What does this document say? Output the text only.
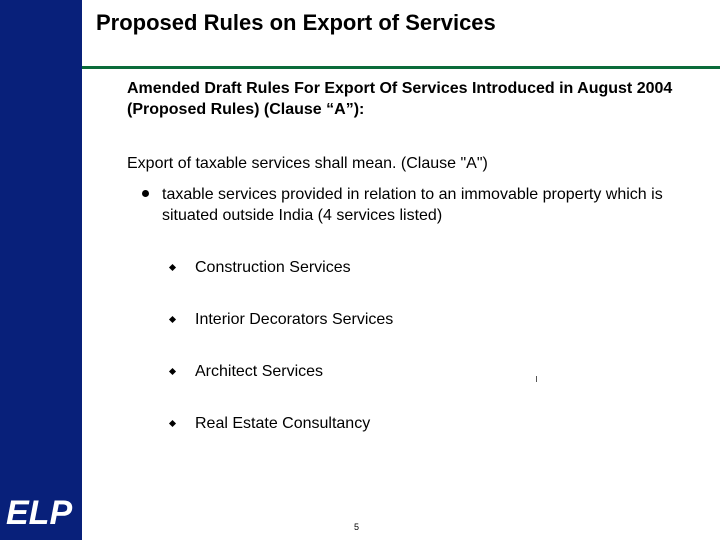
ELP
Proposed Rules on Export of Services
Amended Draft Rules For Export Of Services Introduced in August 2004 (Proposed Rules) (Clause “A”):
Export of taxable services shall mean. (Clause "A")
taxable services provided in relation to an immovable property which is situated outside India (4 services listed)
Construction Services
Interior Decorators Services
Architect Services
Real Estate Consultancy
5
